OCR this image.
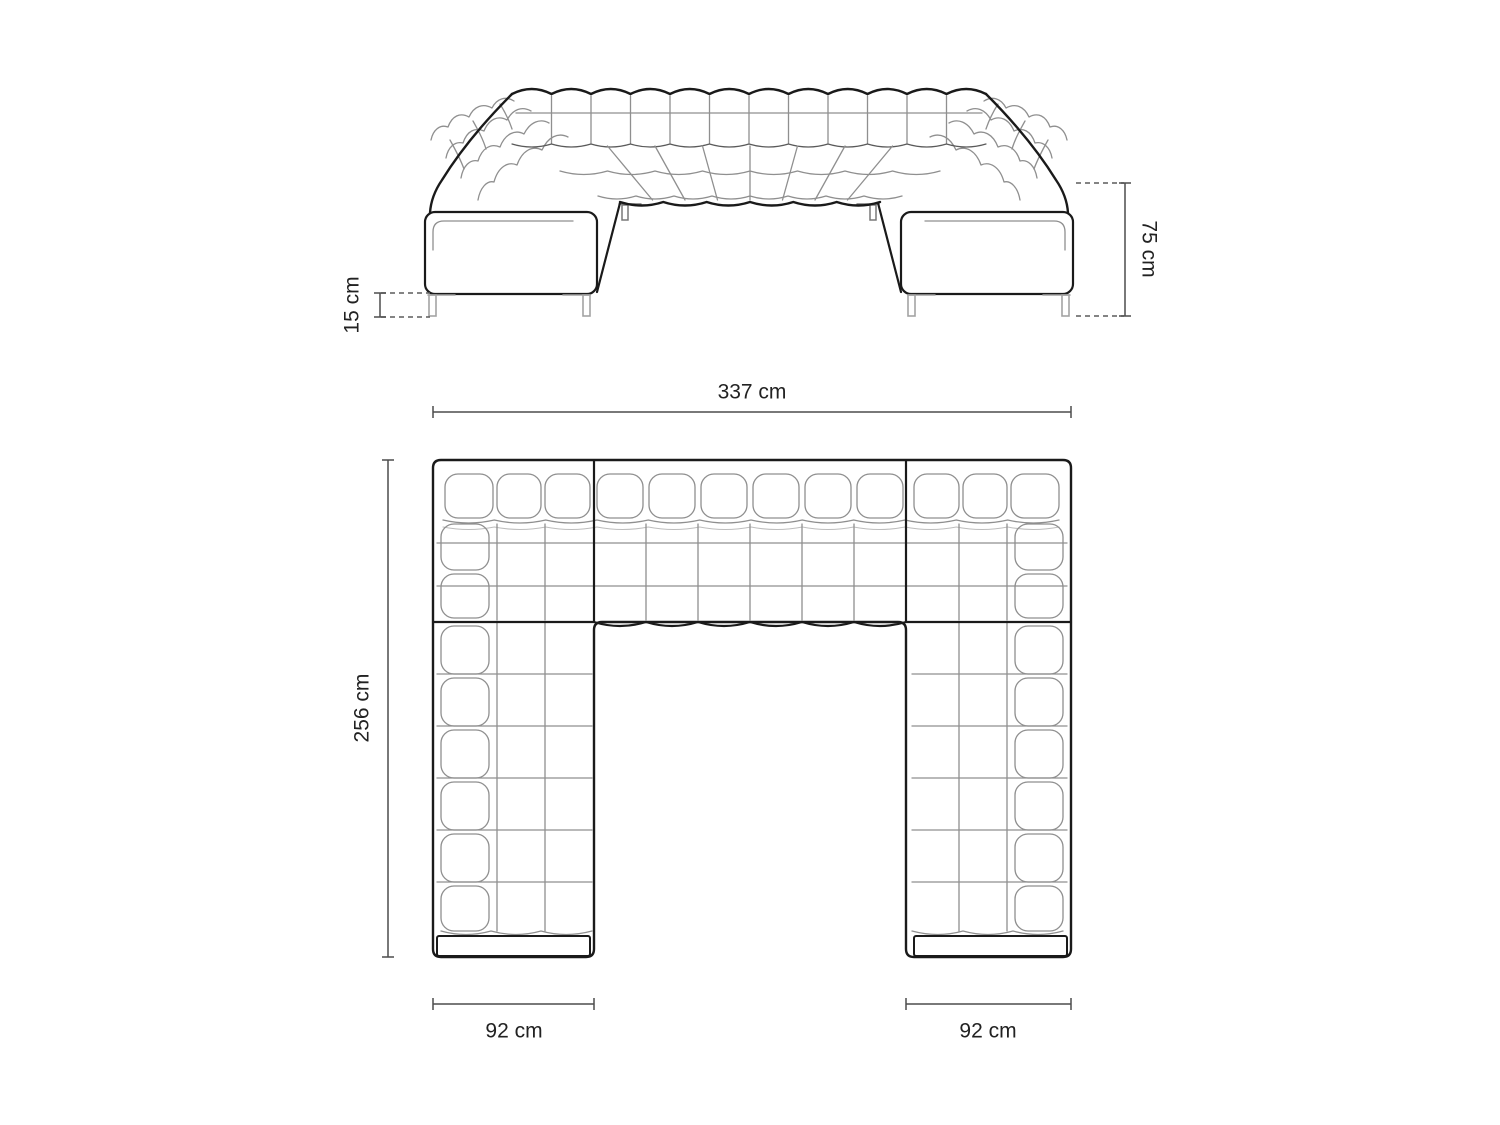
15 cm
75 cm
337 cm
256 cm
92 cm	92 cm
